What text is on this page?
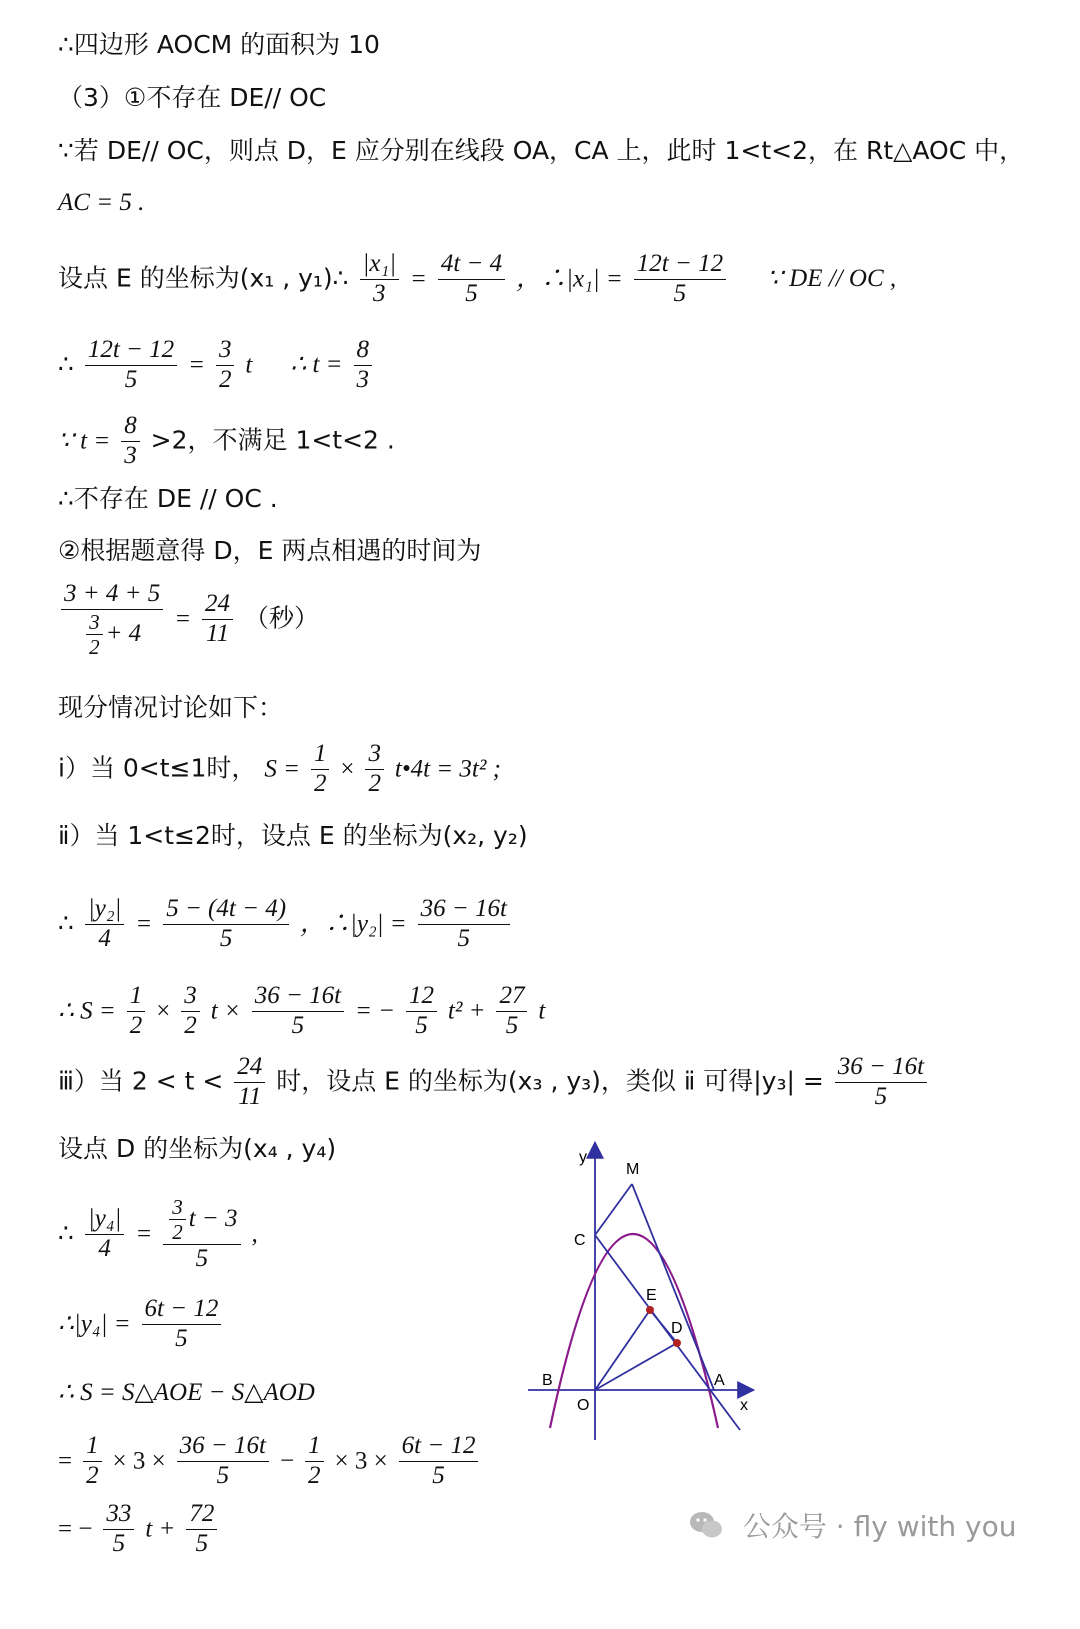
∴四边形 AOCM 的面积为 10
（3）①不存在 DE// OC
∵若 DE// OC，则点 D，E 应分别在线段 OA，CA 上，此时 1<t<2，在 Rt△AOC 中，
AC = 5 .
设点 E 的坐标为(x₁ , y₁)∴ $\frac{\text{|x₁|}}{3} = \frac{4t - 4}{5}$ ，∴|x₁| = $\frac{12t - 12}{5}$ ∵ DE // OC ,
∴ $\frac{12t - 12}{5} = \frac{3}{2}$ t ∴ $t = \frac{8}{3}$
∵ $t = \frac{8}{3} >2$，不满足 1<t<2 .
∴不存在 DE // OC .
②根据题意得 D，E 两点相遇的时间为
$\frac{3 + 4 + 5}{\frac{3}{2} + 4} = \frac{24}{11}$ （秒）
现分情况讨论如下：
ⅰ）当 0<t≤1时， $S = \frac{1}{2} \times \frac{3}{2}$ t•4t = 3t² ;
ⅱ）当 1<t≤2时，设点 E 的坐标为(x₂, y₂)
∴ $\frac{\text{|y₂|}}{4} = \frac{5 - (4t - 4)}{5}$ ，∴|y₂| = $\frac{36 - 16t}{5}$
∴ $S = \frac{1}{2} \times \frac{3}{2}$ $t \times \frac{36 - 16t}{5}$ = − $\frac{12}{5} t^2 + \frac{27}{5}$ t
ⅲ）当 $2 < t < \frac{24}{11}$ 时，设点 E 的坐标为(x₃ , y₃)，类似 ⅱ 可得$|y_3| = \frac{36 - 16t}{5}$
设点 D 的坐标为(x₄ , y₄)
∴ $\frac{\text{|y₄|}}{4} = \frac{\frac{3}{2} t - 3}{5}$ ,
∴|y₄| = $\frac{6t - 12}{5}$
∴ S = S△AOE − S△AOD
= $\frac{1}{2} \times 3 \times \frac{36 - 16t}{5} - \frac{1}{2} \times 3 \times \frac{6t - 12}{5}$
= − $\frac{33}{5}$ $t + \frac{72}{5}$
y
x
M
C
E
D
B
O
A
公众号 · fly with you
